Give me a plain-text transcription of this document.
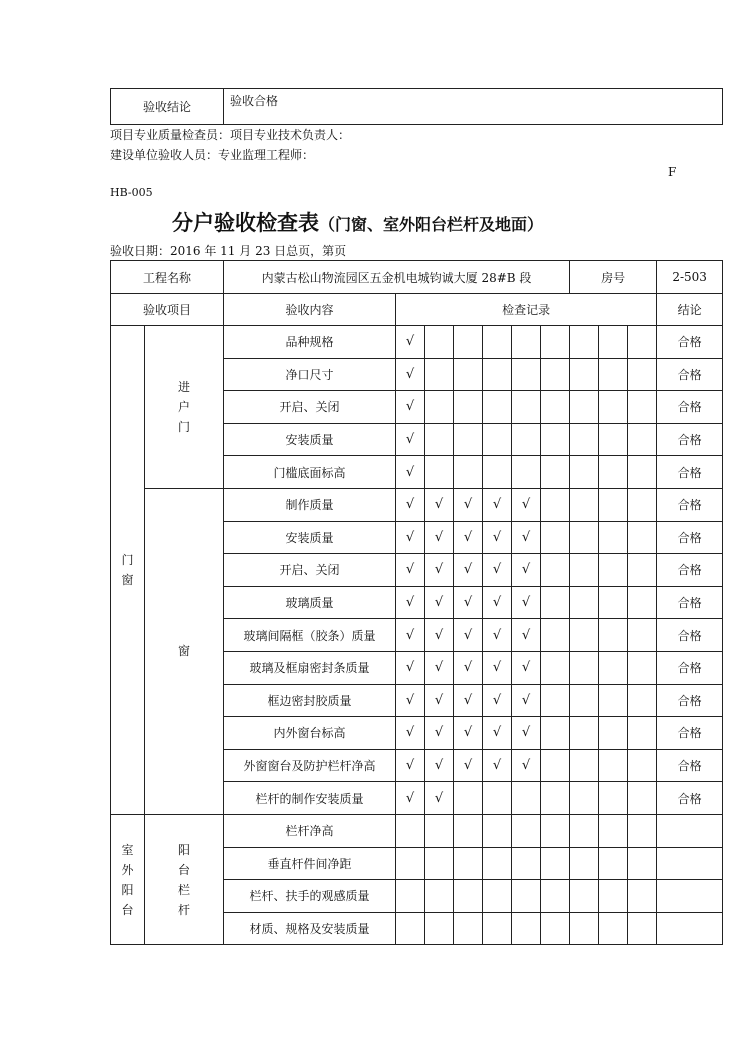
验收结论	验收合格
项目专业质量检查员：项目专业技术负责人：
建设单位验收人员：专业监理工程师：
F
HB-005
分户验收检查表（门窗、室外阳台栏杆及地面）
验收日期：2016 年 11 月 23 日总页，第页
工程名称		内蒙古松山物流园区五金机电城钧诚大厦 28#B 段							房号			2-503
验收项目		验收内容	检查记录									结论
门窗	进户门	品种规格	√									合格
		净口尺寸	√									合格
		开启、关闭	√									合格
		安装质量	√									合格
		门槛底面标高	√									合格
	窗	制作质量	√	√	√	√	√					合格
		安装质量	√	√	√	√	√					合格
		开启、关闭	√	√	√	√	√					合格
		玻璃质量	√	√	√	√	√					合格
		玻璃间隔框（胶条）质量	√	√	√	√	√					合格
		玻璃及框扇密封条质量	√	√	√	√	√					合格
		框边密封胶质量	√	√	√	√	√					合格
		内外窗台标高	√	√	√	√	√					合格
		外窗窗台及防护栏杆净高	√	√	√	√	√					合格
		栏杆的制作安装质量	√	√								合格
室外阳台	阳台栏杆	栏杆净高										
		垂直杆件间净距										
		栏杆、扶手的观感质量										
		材质、规格及安装质量										
